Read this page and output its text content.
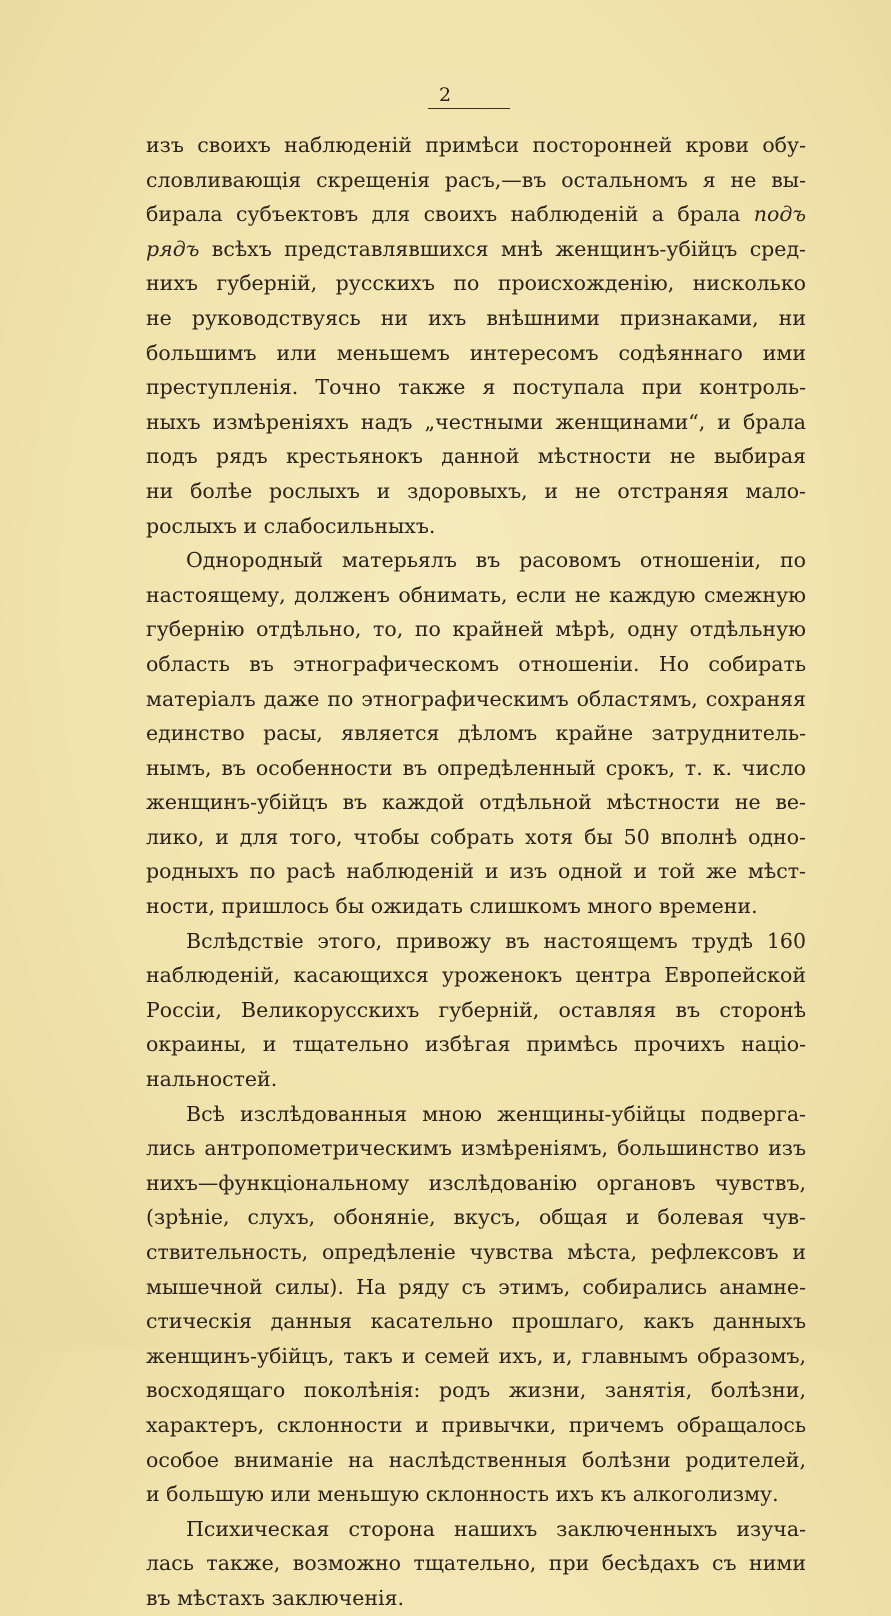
2
изъ своихъ наблюденій примѣси посторонней крови обу-
словливающія скрещенія расъ,—въ остальномъ я не вы-
бирала субъектовъ для своихъ наблюденій а брала подъ
рядъ всѣхъ представлявшихся мнѣ женщинъ-убійцъ сред-
нихъ губерній, русскихъ по происхожденію, нисколько
не руководствуясь ни ихъ внѣшними признаками, ни
большимъ или меньшемъ интересомъ содѣяннаго ими
преступленія. Точно также я поступала при контроль-
ныхъ измѣреніяхъ надъ „честными женщинами“, и брала
подъ рядъ крестьянокъ данной мѣстности не выбирая
ни болѣе рослыхъ и здоровыхъ, и не отстраняя мало-
рослыхъ и слабосильныхъ.
Однородный матерьялъ въ расовомъ отношеніи, по
настоящему, долженъ обнимать, если не каждую смежную
губернію отдѣльно, то, по крайней мѣрѣ, одну отдѣльную
область въ этнографическомъ отношеніи. Но собирать
матеріалъ даже по этнографическимъ областямъ, сохраняя
единство расы, является дѣломъ крайне затруднитель-
нымъ, въ особенности въ опредѣленный срокъ, т. к. число
женщинъ-убійцъ въ каждой отдѣльной мѣстности не ве-
лико, и для того, чтобы собрать хотя бы 50 вполнѣ одно-
родныхъ по расѣ наблюденій и изъ одной и той же мѣст-
ности, пришлось бы ожидать слишкомъ много времени.
Вслѣдствіе этого, привожу въ настоящемъ трудѣ 160
наблюденій, касающихся уроженокъ центра Европейской
Россіи, Великорусскихъ губерній, оставляя въ сторонѣ
окраины, и тщательно избѣгая примѣсь прочихъ націо-
нальностей.
Всѣ изслѣдованныя мною женщины-убійцы подверга-
лись антропометрическимъ измѣреніямъ, большинство изъ
нихъ—функціональному изслѣдованію органовъ чувствъ,
(зрѣніе, слухъ, обоняніе, вкусъ, общая и болевая чув-
ствительность, опредѣленіе чувства мѣста, рефлексовъ и
мышечной силы). На ряду съ этимъ, собирались анамне-
стическія данныя касательно прошлаго, какъ данныхъ
женщинъ-убійцъ, такъ и семей ихъ, и, главнымъ образомъ,
восходящаго поколѣнія: родъ жизни, занятія, болѣзни,
характеръ, склонности и привычки, причемъ обращалось
особое вниманіе на наслѣдственныя болѣзни родителей,
и большую или меньшую склонность ихъ къ алкоголизму.
Психическая сторона нашихъ заключенныхъ изуча-
лась также, возможно тщательно, при бесѣдахъ съ ними
въ мѣстахъ заключенія.
